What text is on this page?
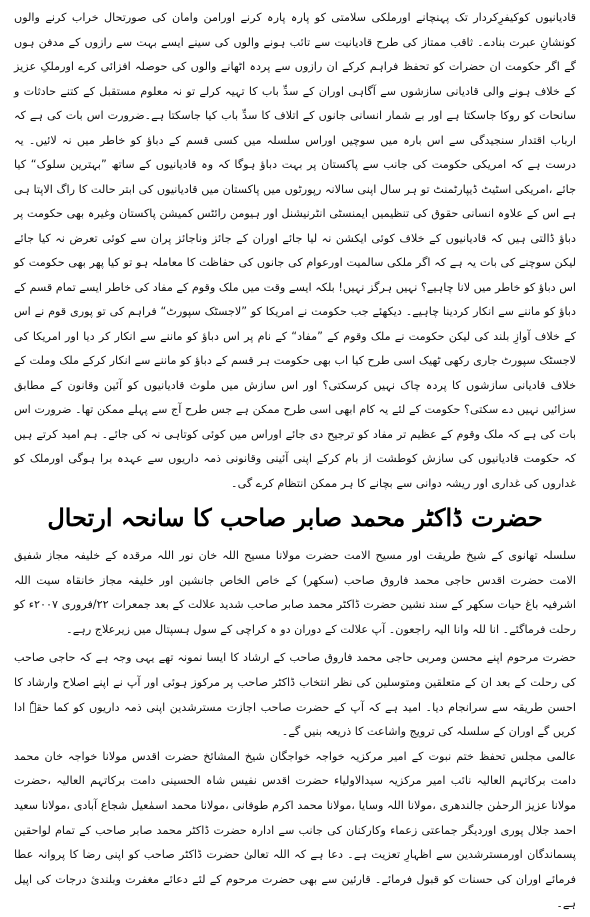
قادیانیوں کوکیفرِکردار تک پہنچانے اورملکی سلامتی کو پارہ پارہ کرنے اورامن وامان کی صورتحال خراب کرنے والوں کونشانِ عبرت بنادے۔ ثاقب ممتاز کی طرح قادیانیت سے تائب ہونے والوں کی سینے ایسے بہت سے رازوں کے مدفن ہوں گے اگر حکومت ان حضرات کو تحفظ فراہم کرکے ان رازوں سے پردہ اٹھانے والوں کی حوصلہ افزائی کرے اورملکِ عزیز کے خلاف ہونے والی قادیانی سازشوں سے آگاہی اوران کے سدِّ باب کا تہیہ کرلے تو نہ معلوم مستقبل کے کتنے حادثات و سانحات کو روکا جاسکتا ہے اور بے شمار انسانی جانوں کے اتلاف کا سدِّ باب کیا جاسکتا ہے۔ضرورت اس بات کی ہے کہ ارباب اقتدار سنجیدگی سے اس بارہ میں سوچیں اوراس سلسلہ میں کسی قسم کے دباؤ کو خاطر میں نہ لائیں۔ یہ درست ہے کہ امریکی حکومت کی جانب سے پاکستان پر بہت دباؤ ہوگا کہ وہ قادیانیوں کے ساتھ ”بہترین سلوک“ کیا جائے ،امریکی اسٹیٹ ڈیپارٹمنٹ تو ہر سال اپنی سالانہ رپورٹوں میں پاکستان میں قادیانیوں کی ابتر حالت کا راگ الاپتا ہی ہے اس کے علاوہ انسانی حقوق کی تنظیمیں ایمنسٹی انٹرنیشنل اور ہیومن رائٹس کمیشن پاکستان وغیرہ بھی حکومت پر دباؤ ڈالتی ہیں کہ قادیانیوں کے خلاف کوئی ایکشن نہ لیا جائے اوران کے جائز وناجائز پران سے کوئی تعرض نہ کیا جائے لیکن سوچنے کی بات یہ ہے کہ اگر ملکی سالمیت اورعوام کی جانوں کی حفاظت کا معاملہ ہو تو کیا پھر بھی حکومت کو اس دباؤ کو خاطر میں لانا چاہیے؟ نہیں ہرگز نہیں! بلکہ ایسے وقت میں ملک وقوم کے مفاد کی خاطر ایسے تمام قسم کے دباؤ کو ماننے سے انکار کردینا چاہیے۔ دیکھئے جب حکومت نے امریکا کو ”لاجسٹک سپورٹ“ فراہم کی تو پوری قوم نے اس کے خلاف آوازِ بلند کی لیکن حکومت نے ملک وقوم کے ”مفاد“ کے نام پر اس دباؤ کو ماننے سے انکار کر دیا اور امریکا کی لاجسٹک سپورٹ جاری رکھی ٹھیک اسی طرح کیا اب بھی حکومت ہر قسم کے دباؤ کو ماننے سے انکار کرکے ملک وملت کے خلاف قادیانی سازشوں کا پردہ چاک نہیں کرسکتی؟ اور اس سازش میں ملوث قادیانیوں کو آئین وقانون کے مطابق سزائیں نہیں دے سکتی؟ حکومت کے لئے یہ کام ابھی اسی طرح ممکن ہے جس طرح آج سے پہلے ممکن تھا۔ ضرورت اس بات کی ہے کہ ملک وقوم کے عظیم تر مفاد کو ترجیح دی جائے اوراس میں کوئی کوتاہی نہ کی جائے۔ ہم امید کرتے ہیں کہ حکومت قادیانیوں کی سازش کوطشت از بام کرکے اپنی آئینی وقانونی ذمہ داریوں سے عہدہ برا ہوگی اورملک کو غداروں کی غداری اور ریشہ دوانی سے بچانے کا ہر ممکن انتظام کرے گی۔

حضرت ڈاکٹر محمد صابر صاحب کا سانحہ ارتحال

سلسلہ تھانوی کے شیخ طریقت اور مسیح الامت حضرت مولانا مسیح اللہ خان نور اللہ مرقدہ کے خلیفہ مجاز شفیق الامت حضرت اقدس حاجی محمد فاروق صاحب (سکھر) کے خاص الخاص جانشین اور خلیفہ مجاز خانقاہ سیت اللہ اشرفیہ باغ حیات سکھر کے سند نشین حضرت ڈاکٹر محمد صابر صاحب شدید علالت کے بعد جمعرات ۲۲/فروری ۲۰۰۷ء کو رحلت فرماگئے۔ انا للہ وانا الیہ راجعون۔ آپ علالت کے دوران دو ہ کراچی کے سول ہسپتال میں زیرعلاج رہے۔

حضرت مرحوم اپنے محسن ومربی حاجی محمد فاروق صاحب کے ارشاد کا ایسا نمونہ تھے یہی وجہ ہے کہ حاجی صاحب کی رحلت کے بعد ان کے متعلقین ومتوسلین کی نظر انتخاب ڈاکٹر صاحب پر مرکوز ہوئی اور آپ نے اپنے اصلاح وارشاد کا احسن طریقہ سے سرانجام دیا۔ امید ہے کہ آپ کے حضرت صاحب اجازت مسترشدین اپنی ذمہ داریوں کو کما حقہٗ ادا کریں گے اوران کے سلسلہ کی ترویج واشاعت کا ذریعہ بنیں گے۔

عالمی مجلس تحفظ ختم نبوت کے امیر مرکزیہ خواجہ خواجگان شیخ المشائخ حضرت اقدس مولانا خواجہ خان محمد دامت برکاتہم العالیہ نائب امیر مرکزیہ سیدالاولیاء حضرت اقدس نفیس شاہ الحسینی دامت برکاتہم العالیہ ،حضرت مولانا عزیز الرحمٰن جالندھری ،مولانا اللہ وسایا ،مولانا محمد اکرم طوفانی ،مولانا محمد اسمٰعیل شجاع آبادی ،مولانا سعید احمد جلال پوری اوردیگر جماعتی زعماء وکارکنان کی جانب سے ادارہ حضرت ڈاکٹر محمد صابر صاحب کے تمام لواحقین پسماندگان اورمسترشدین سے اظہارِ تعزیت ہے۔ دعا ہے کہ اللہ تعالیٰ حضرت ڈاکٹر صاحب کو اپنی رضا کا پروانہ عطا فرمائے اوران کی حسنات کو قبول فرمائے۔ قارئین سے بھی حضرت مرحوم کے لئے دعائے مغفرت وبلندیٔ درجات کی اپیل ہے۔
